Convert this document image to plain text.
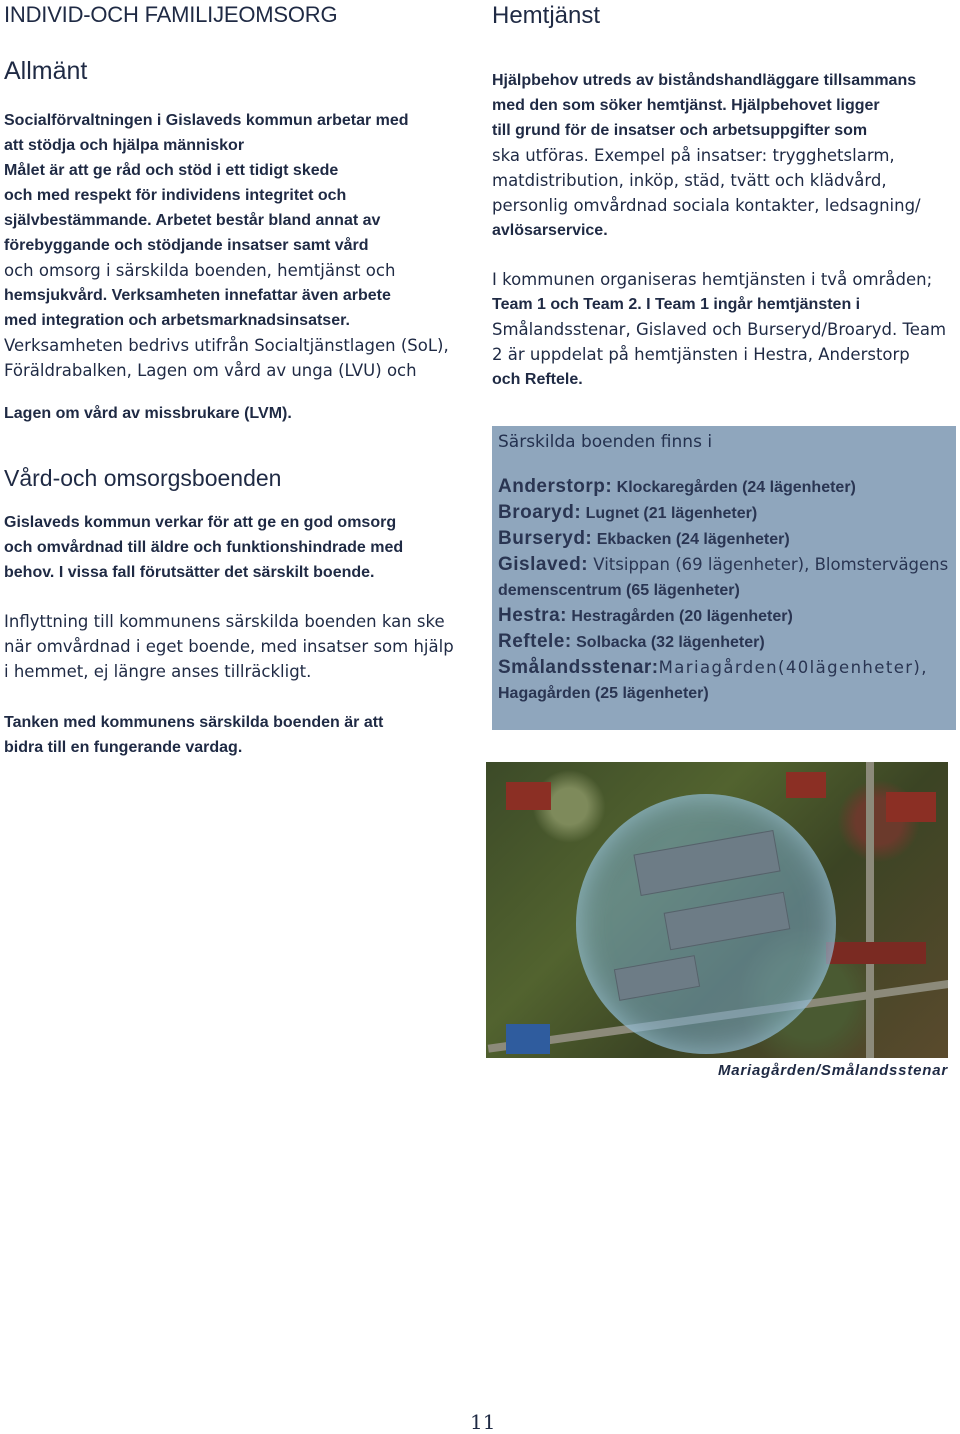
INDIVID-OCH FAMILIJEOMSORG
Allmänt

Socialförvaltningen i Gislaveds kommun arbetar med

att stödja och hjälpa människor

Målet är att ge råd och stöd i ett tidigt skede

och med respekt för individens integritet och

självbestämmande. Arbetet består bland annat av

förebyggande och stödjande insatser samt vård

och omsorg i särskilda boenden, hemtjänst och

hemsjukvård. Verksamheten innefattar även arbete

med integration och arbetsmarknadsinsatser.

Verksamheten bedrivs utifrån Socialtjänstlagen (SoL),

Föräldrabalken, Lagen om vård av unga (LVU) och

Lagen om vård av missbrukare (LVM).

Vård-och omsorgsboenden

Gislaveds kommun verkar för att ge en god omsorg

och omvårdnad till äldre och funktionshindrade med

behov. I vissa fall förutsätter det särskilt boende.

Inflyttning till kommunens särskilda boenden kan ske

när omvårdnad i eget boende, med insatser som hjälp

i hemmet, ej längre anses tillräckligt.

Tanken med kommunens särskilda boenden är att

bidra till en fungerande vardag.

Hemtjänst

Hjälpbehov utreds av biståndshandläggare tillsammans

med den som söker hemtjänst. Hjälpbehovet ligger

till grund för de insatser och arbetsuppgifter som

ska utföras. Exempel på insatser: trygghetslarm,

matdistribution, inköp, städ, tvätt och klädvård,

personlig omvårdnad sociala kontakter, ledsagning/

avlösarservice.

I kommunen organiseras hemtjänsten i två områden;

Team 1 och Team 2. I Team 1 ingår hemtjänsten i

Smålandsstenar, Gislaved och Burseryd/Broaryd. Team

2 är uppdelat på hemtjänsten i Hestra, Anderstorp

och Reftele.

Särskilda boenden finns i
Anderstorp: Klockaregården (24 lägenheter)
Broaryd: Lugnet (21 lägenheter)
Burseryd: Ekbacken (24 lägenheter)
Gislaved: Vitsippan (69 lägenheter), Blomstervägens
demenscentrum (65 lägenheter)
Hestra: Hestragården (20 lägenheter)
Reftele: Solbacka (32 lägenheter)
Smålandsstenar:Mariagården(40lägenheter),
Hagagården (25 lägenheter)
Mariagården/Smålandsstenar
11
